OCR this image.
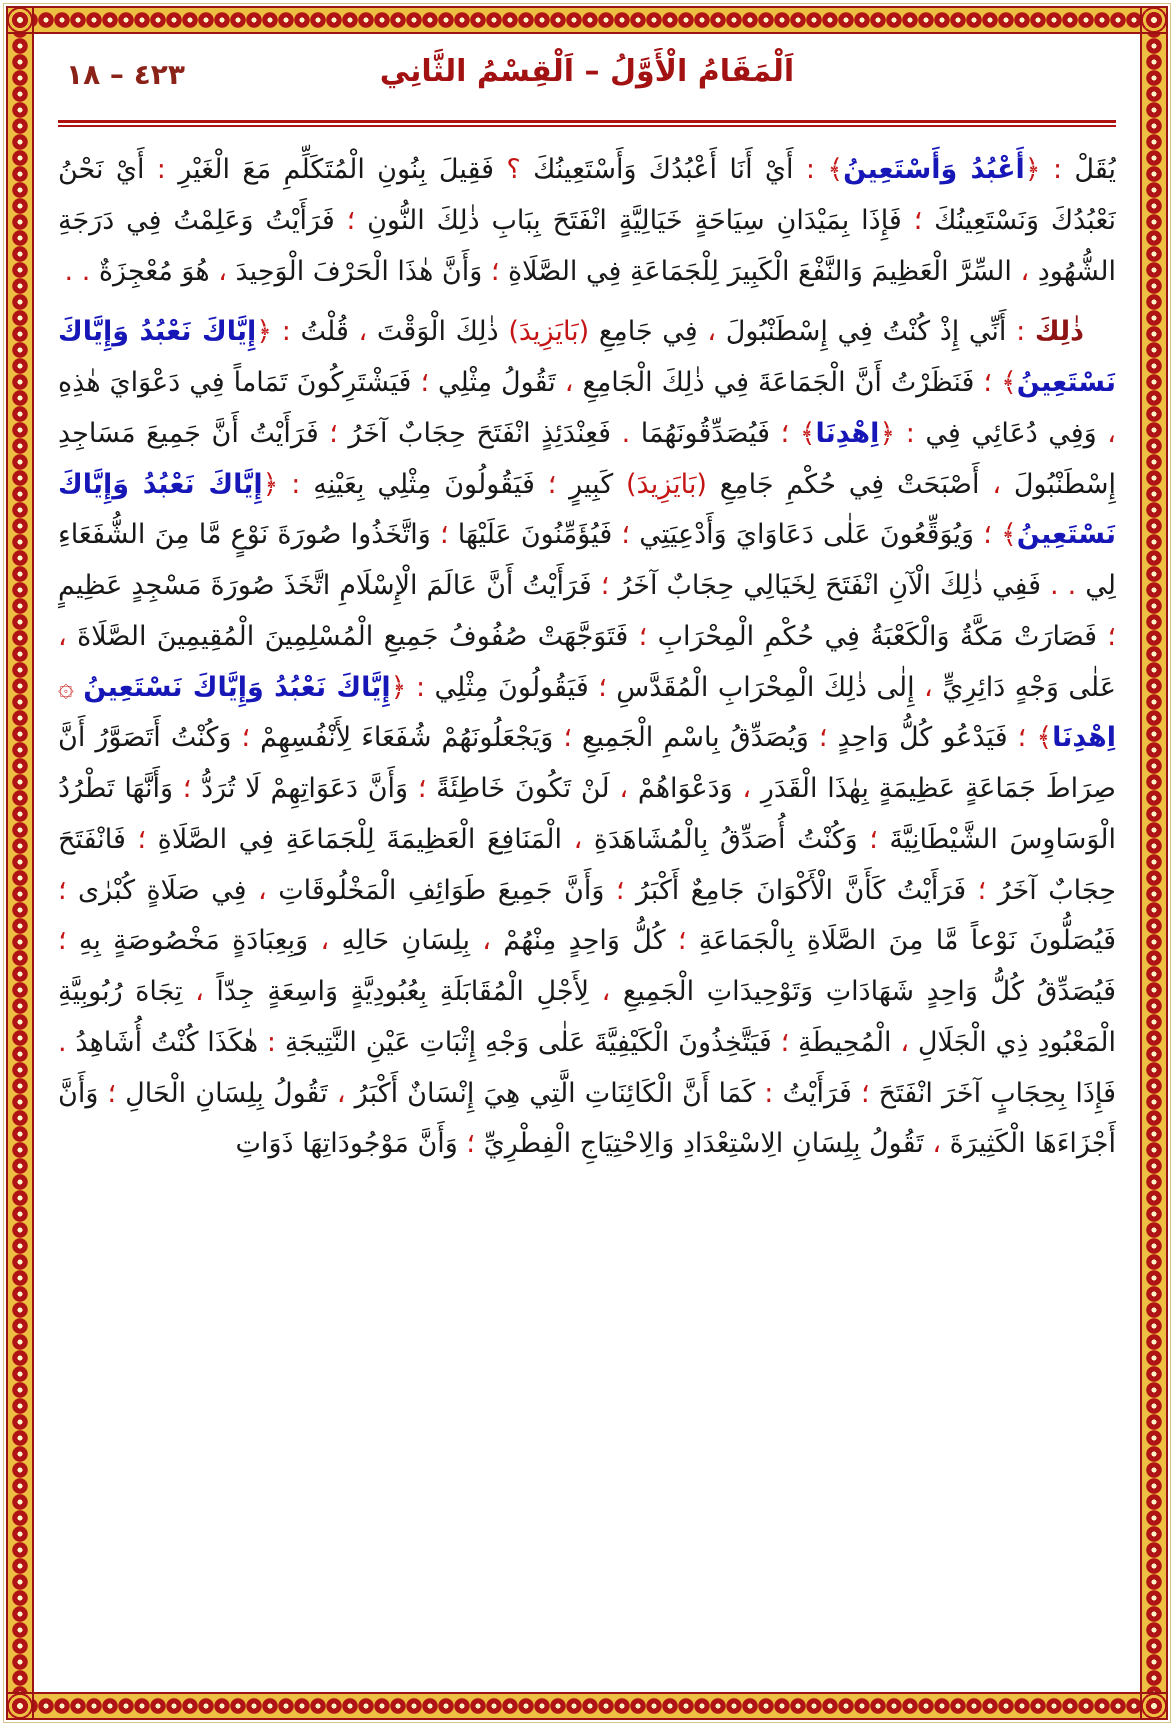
٤٢٣ – ١٨	اَلْمَقَامُ الْأَوَّلُ – اَلْقِسْمُ الثَّانِي

يُقَلْ : ﴿أَعْبُدُ وَأَسْتَعِينُ﴾ : أَيْ أَنَا أَعْبُدُكَ وَأَسْتَعِينُكَ ؟ فَقِيلَ بِنُونِ الْمُتَكَلِّمِ مَعَ الْغَيْرِ : أَيْ نَحْنُ نَعْبُدُكَ وَنَسْتَعِينُكَ ؛ فَإِذَا بِمَيْدَانِ سِيَاحَةٍ خَيَالِيَّةٍ انْفَتَحَ بِبَابِ ذٰلِكَ النُّونِ ؛ فَرَأَيْتُ وَعَلِمْتُ فِي دَرَجَةِ الشُّهُودِ ، السِّرَّ الْعَظِيمَ وَالنَّفْعَ الْكَبِيرَ لِلْجَمَاعَةِ فِي الصَّلَاةِ ؛ وَأَنَّ هٰذَا الْحَرْفَ الْوَحِيدَ ، هُوَ مُعْجِزَةٌ . .

ذٰلِكَ : أَنِّي إِذْ كُنْتُ فِي إِسْطَنْبُولَ ، فِي جَامِعِ (بَايَزِيدَ) ذٰلِكَ الْوَقْتَ ، قُلْتُ : ﴿إِيَّاكَ نَعْبُدُ وَإِيَّاكَ نَسْتَعِينُ﴾ ؛ فَنَظَرْتُ أَنَّ الْجَمَاعَةَ فِي ذٰلِكَ الْجَامِعِ ، تَقُولُ مِثْلِي ؛ فَيَشْتَرِكُونَ تَمَاماً فِي دَعْوَايَ هٰذِهِ ، وَفِي دُعَائِي فِي : ﴿اِهْدِنَا﴾ ؛ فَيُصَدِّقُونَهُمَا . فَعِنْدَئِذٍ انْفَتَحَ حِجَابٌ آخَرُ ؛ فَرَأَيْتُ أَنَّ جَمِيعَ مَسَاجِدِ إِسْطَنْبُولَ ، أَصْبَحَتْ فِي حُكْمِ جَامِعِ (بَايَزِيدَ) كَبِيرٍ ؛ فَيَقُولُونَ مِثْلِي بِعَيْنِهِ : ﴿إِيَّاكَ نَعْبُدُ وَإِيَّاكَ نَسْتَعِينُ﴾ ؛ وَيُوَقِّعُونَ عَلٰى دَعَاوَايَ وَأَدْعِيَتِي ؛ فَيُؤَمِّنُونَ عَلَيْهَا ؛ وَاتَّخَذُوا صُورَةَ نَوْعٍ مَّا مِنَ الشُّفَعَاءِ لِي . . فَفِي ذٰلِكَ الْآنِ انْفَتَحَ لِخَيَالِي حِجَابٌ آخَرُ ؛ فَرَأَيْتُ أَنَّ عَالَمَ الْإِسْلَامِ اتَّخَذَ صُورَةَ مَسْجِدٍ عَظِيمٍ ؛ فَصَارَتْ مَكَّةُ وَالْكَعْبَةُ فِي حُكْمِ الْمِحْرَابِ ؛ فَتَوَجَّهَتْ صُفُوفُ جَمِيعِ الْمُسْلِمِينَ الْمُقِيمِينَ الصَّلَاةَ ، عَلٰى وَجْهٍ دَائِرِيٍّ ، إِلٰى ذٰلِكَ الْمِحْرَابِ الْمُقَدَّسِ ؛ فَيَقُولُونَ مِثْلِي : ﴿إِيَّاكَ نَعْبُدُ وَإِيَّاكَ نَسْتَعِينُ ۞ اِهْدِنَا﴾ ؛ فَيَدْعُو كُلُّ وَاحِدٍ ؛ وَيُصَدِّقُ بِاسْمِ الْجَمِيعِ ؛ وَيَجْعَلُونَهُمْ شُفَعَاءَ لِأَنْفُسِهِمْ ؛ وَكُنْتُ أَتَصَوَّرُ أَنَّ صِرَاطَ جَمَاعَةٍ عَظِيمَةٍ بِهٰذَا الْقَدَرِ ، وَدَعْوَاهُمْ ، لَنْ تَكُونَ خَاطِئَةً ؛ وَأَنَّ دَعَوَاتِهِمْ لَا تُرَدُّ ؛ وَأَنَّهَا تَطْرُدُ الْوَسَاوِسَ الشَّيْطَانِيَّةَ ؛ وَكُنْتُ أُصَدِّقُ بِالْمُشَاهَدَةِ ، الْمَنَافِعَ الْعَظِيمَةَ لِلْجَمَاعَةِ فِي الصَّلَاةِ ؛ فَانْفَتَحَ حِجَابٌ آخَرُ ؛ فَرَأَيْتُ كَأَنَّ الْأَكْوَانَ جَامِعٌ أَكْبَرُ ؛ وَأَنَّ جَمِيعَ طَوَائِفِ الْمَخْلُوقَاتِ ، فِي صَلَاةٍ كُبْرٰى ؛ فَيُصَلُّونَ نَوْعاً مَّا مِنَ الصَّلَاةِ بِالْجَمَاعَةِ ؛ كُلُّ وَاحِدٍ مِنْهُمْ ، بِلِسَانِ حَالِهِ ، وَبِعِبَادَةٍ مَخْصُوصَةٍ بِهِ ؛ فَيُصَدِّقُ كُلُّ وَاحِدٍ شَهَادَاتِ وَتَوْحِيدَاتِ الْجَمِيعِ ، لِأَجْلِ الْمُقَابَلَةِ بِعُبُودِيَّةٍ وَاسِعَةٍ جِدّاً ، تِجَاهَ رُبُوبِيَّةِ الْمَعْبُودِ ذِي الْجَلَالِ ، الْمُحِيطَةِ ؛ فَيَتَّخِذُونَ الْكَيْفِيَّةَ عَلٰى وَجْهِ إِثْبَاتِ عَيْنِ النَّتِيجَةِ : هٰكَذَا كُنْتُ أُشَاهِدُ . فَإِذَا بِحِجَابٍ آخَرَ انْفَتَحَ ؛ فَرَأَيْتُ : كَمَا أَنَّ الْكَائِنَاتِ الَّتِي هِيَ إِنْسَانٌ أَكْبَرُ ، تَقُولُ بِلِسَانِ الْحَالِ ؛ وَأَنَّ أَجْزَاءَهَا الْكَثِيرَةَ ، تَقُولُ بِلِسَانِ الِاسْتِعْدَادِ وَالِاحْتِيَاجِ الْفِطْرِيِّ ؛ وَأَنَّ مَوْجُودَاتِهَا ذَوَاتِ
